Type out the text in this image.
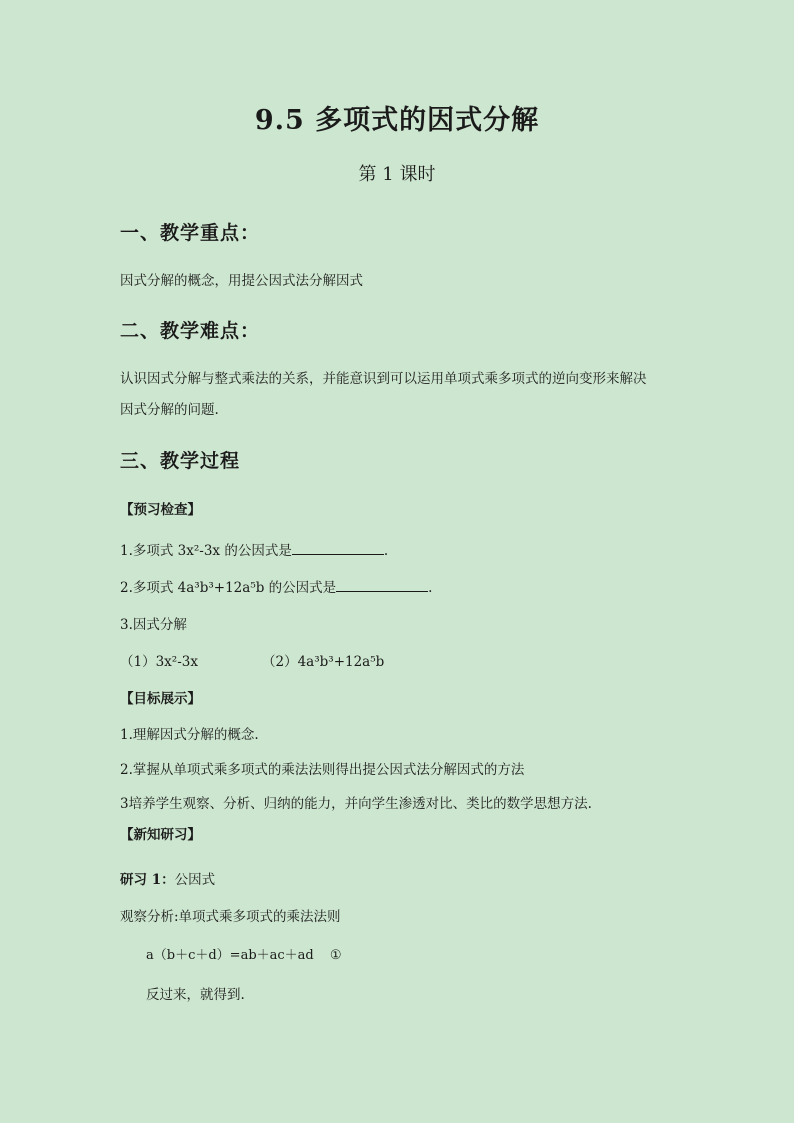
9.5 多项式的因式分解
第 1 课时
一、教学重点：
因式分解的概念，用提公因式法分解因式
二、教学难点：
认识因式分解与整式乘法的关系，并能意识到可以运用单项式乘多项式的逆向变形来解决
因式分解的问题.
三、教学过程
【预习检查】
1.多项式 3x²-3x 的公因式是	.
2.多项式 4a³b³+12a⁵b 的公因式是	.
3.因式分解
（1）3x²-3x	（2）4a³b³+12a⁵b
【目标展示】
1.理解因式分解的概念.
2.掌握从单项式乘多项式的乘法法则得出提公因式法分解因式的方法
3培养学生观察、分析、归纳的能力，并向学生渗透对比、类比的数学思想方法.
【新知研习】
研习 1：公因式
观察分析:单项式乘多项式的乘法法则
a（b＋c＋d）=ab＋ac＋ad ①
反过来，就得到.
